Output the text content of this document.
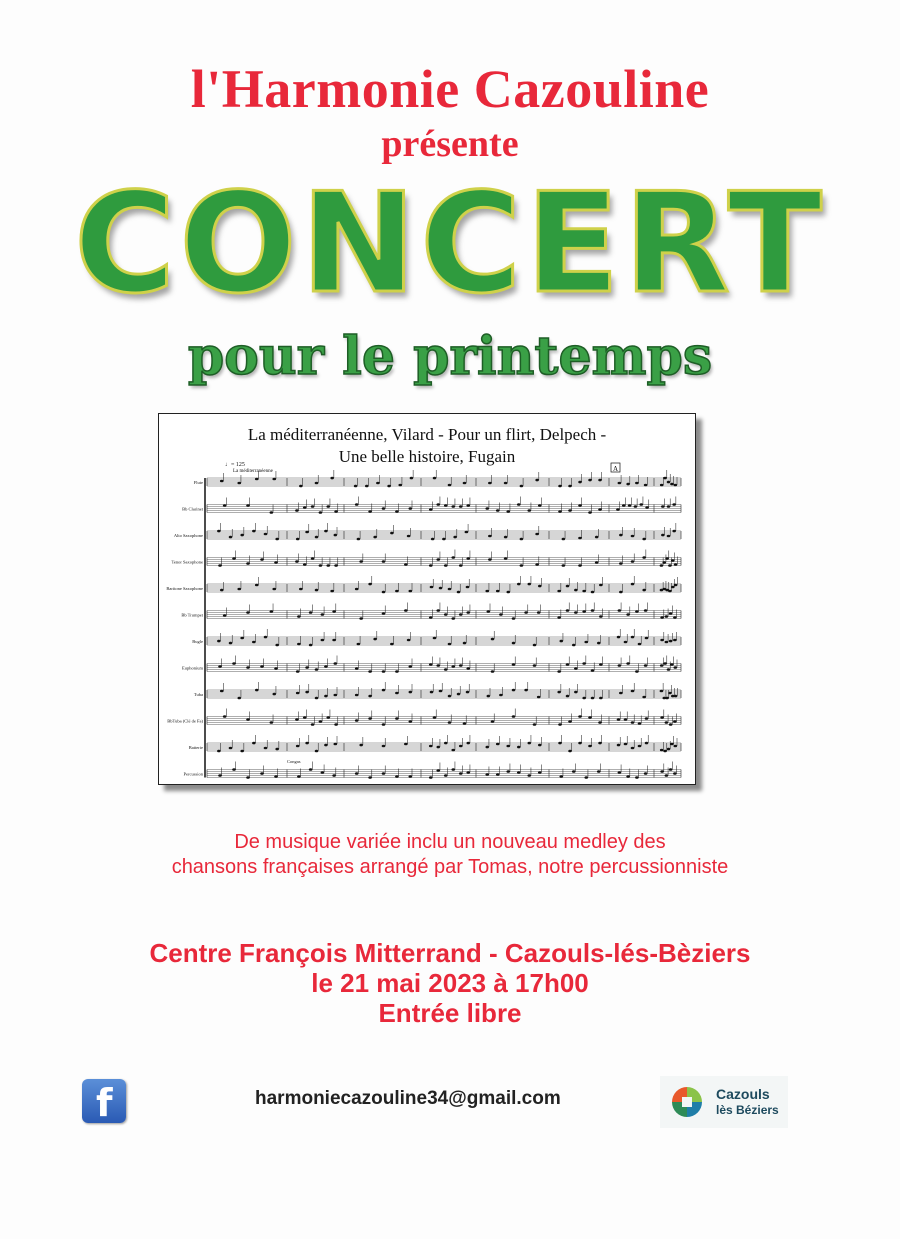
l'Harmonie Cazouline
présente
CONCERT
pour le printemps
♩= 125
La méditerranéenne	A
Flute
Bb Clarinet
Alto Saxophone
Tenor Saxophone
Baritone Saxophone
Bb Trumpet
Bugle
Euphonium
Tuba
BbTuba (Clé de Fa)
Batterie
Percussion
Congas
La méditerranéenne, Vilard - Pour un flirt, Delpech -
Une belle histoire, Fugain
De musique variée inclu un nouveau medley des
chansons françaises arrangé par Tomas, notre percussionniste
Centre François Mitterrand - Cazouls-lés-Bèziers
le 21 mai 2023 à 17h00
Entrée libre
f	harmoniecazouline34@gmail.com	Cazouls
lès Béziers
